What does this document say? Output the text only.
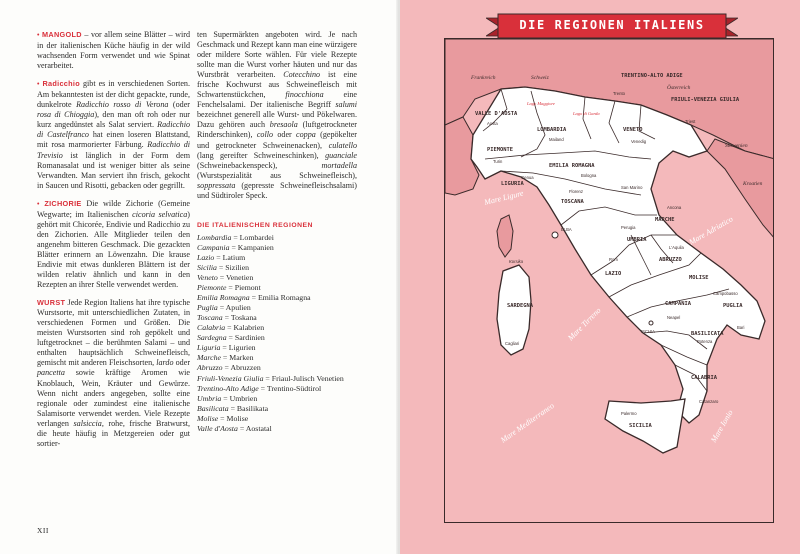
• MANGOLD – vor allem seine Blätter – wird in der italienischen Küche häufig in der wild wachsenden Form verwendet und wie Spinat verarbeitet.
• Radicchio gibt es in verschiedenen Sorten. Am bekanntesten ist der dicht gepackte, runde, dunkelrote Radicchio rosso di Verona (oder rosa di Chioggia), den man oft roh oder nur kurz angedünstet als Salat serviert. Radicchio di Castelfranco hat einen loseren Blattstand, mit rosa marmorierter Färbung. Radicchio di Trevisio ist länglich in der Form dem Romanasalat und ist weniger bitter als seine Verwandten. Man serviert ihn frisch, gekocht in Saucen und Risotti, gebacken oder gegrillt.
• ZICHORIE Die wilde Zichorie (Gemeine Wegwarte; im Italienischen cicoria selvatica) gehört mit Chicorée, Endivie und Radicchio zu den Zichorien. Alle Mitglieder teilen den angenehm bitteren Geschmack. Die gezackten Blätter erinnern an Löwenzahn. Die krause Endivie mit etwas dunkleren Blättern ist der wilden relativ ähnlich und kann in den Rezepten an ihrer Stelle verwendet werden.
WURST Jede Region Italiens hat ihre typische Wurstsorte, mit unterschiedlichen Zutaten, in verschiedenen Formen und Größen. Die meisten Wurstsorten sind roh gepökelt und luftgetrocknet – die berühmten Salami – und enthalten hauptsächlich Schweinefleisch, gemischt mit anderen Fleischsorten, lardo oder pancetta sowie kräftige Aromen wie Knoblauch, Wein, Kräuter und Gewürze. Wenn nicht anders angegeben, sollte eine regionale oder zumindest eine italienische Salamisorte verwendet werden. Viele Rezepte verlangen salsiccia, rohe, frische Bratwurst, die heute häufig in Metzgereien oder gut sortier-
ten Supermärkten angeboten wird. Je nach Geschmack und Rezept kann man eine würzigere oder mildere Sorte wählen. Für viele Rezepte sollte man die Wurst vorher häuten und nur das Wurstbrät verarbeiten. Cotecchino ist eine frische Kochwurst aus Schweinefleisch mit Schwartenstückchen, finocchiona eine Fenchelsalami. Der italienische Begriff salumi bezeichnet generell alle Wurst- und Pökelwaren. Dazu gehören auch bresaola (luftgetrockneter Rinderschinken), collo oder coppa (gepökelter und getrockneter Schweinenacken), culatello (lang gereifter Schweineschinken), guanciale (Schweinebackenspeck), mortadella (Wurstspezialität aus Schweinefleisch), soppressata (gepresste Schweinefleischsalami) und Südtiroler Speck.
DIE ITALIENISCHEN REGIONEN
Lombardia = Lombardei
Campania = Kampanien
Lazio = Latium
Sicilia = Sizilien
Veneto = Venetien
Piemonte = Piemont
Emilia Romagna = Emilia Romagna
Puglia = Apulien
Toscana = Toskana
Calabria = Kalabrien
Sardegna = Sardinien
Liguria = Ligurien
Marche = Marken
Abruzzo = Abruzzen
Friuli-Venezia Giulia = Friaul-Julisch Venetien
Trentino-Alto Adige = Trentino-Südtirol
Umbria = Umbrien
Basilicata = Basilikata
Molise = Molise
Valle d'Aosta = Aostatal
XII
Frankreich	Schweiz
Österreich
Slowenien
Kroatien
Lago Maggiore
Lago di Garda
VALLE D'AOSTA
TRENTINO-ALTO ADIGE
FRIULI-VENEZIA GIULIA
LOMBARDIA	VENETO
PIEMONTE
EMILIA ROMAGNA
LIGURIA
TOSCANA
MARCHE
UMBRIA
LAZIO
ABRUZZO
MOLISE
CAMPANIA	PUGLIA
BASILICATA
CALABRIA
SARDEGNA
SICILIA
Aosta
Trento
Triest
Mailand	Venedig
Turin
Genua	Bologna
Florenz
San Marino
Ancona
Perugia
Rom
L'Aquila
Campobasso
Neapel
Bari
Potenza
Catanzaro
Palermo
Cagliari
ELBA
Korsika
ISCHIA
Mare Ligure
Mare Adriatico
Mare Tirreno
Mare Ionio
Mare Mediterraneo
DIE REGIONEN ITALIENS
